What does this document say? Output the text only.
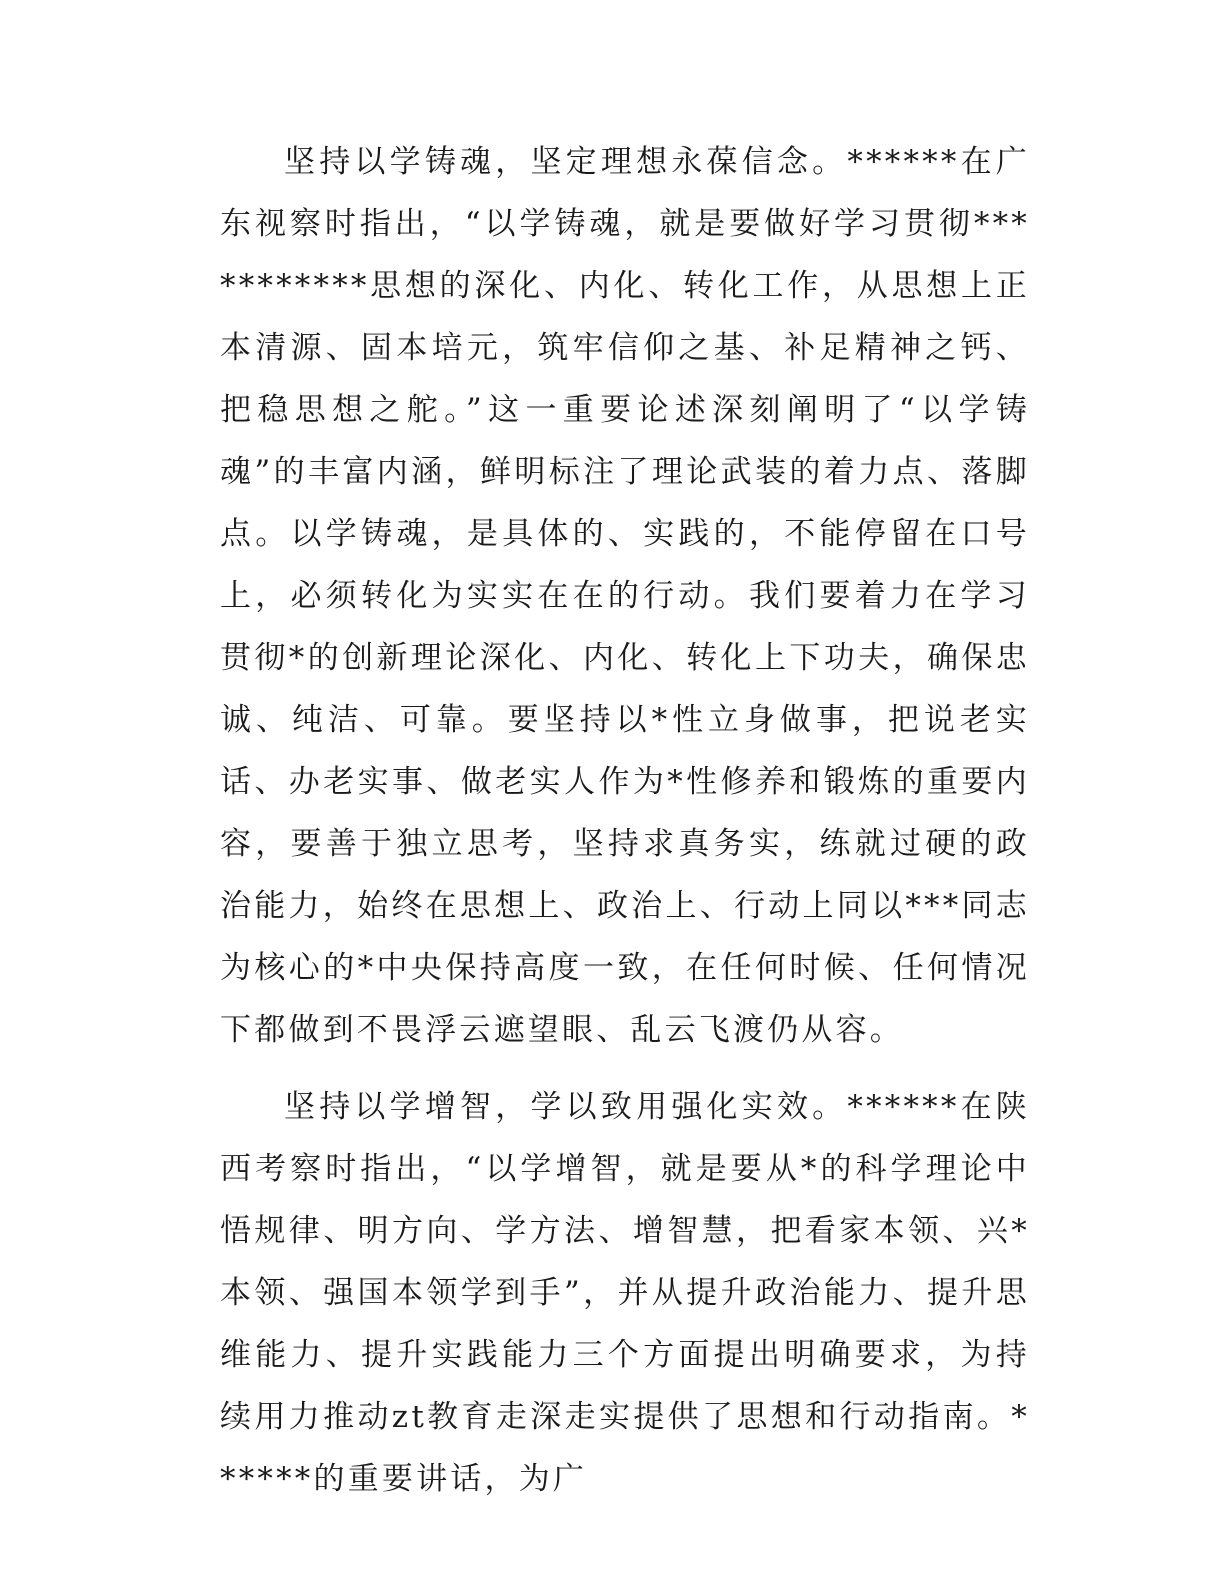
坚持以学铸魂，坚定理想永葆信念。******在广东视察时指出，“以学铸魂，就是要做好学习贯彻***********思想的深化、内化、转化工作，从思想上正本清源、固本培元，筑牢信仰之基、补足精神之钙、把稳思想之舵。”这一重要论述深刻阐明了“以学铸魂”的丰富内涵，鲜明标注了理论武装的着力点、落脚点。以学铸魂，是具体的、实践的，不能停留在口号上，必须转化为实实在在的行动。我们要着力在学习贯彻*的创新理论深化、内化、转化上下功夫，确保忠诚、纯洁、可靠。要坚持以*性立身做事，把说老实话、办老实事、做老实人作为*性修养和锻炼的重要内容，要善于独立思考，坚持求真务实，练就过硬的政治能力，始终在思想上、政治上、行动上同以***同志为核心的*中央保持高度一致，在任何时候、任何情况下都做到不畏浮云遮望眼、乱云飞渡仍从容。

坚持以学增智，学以致用强化实效。******在陕西考察时指出，“以学增智，就是要从*的科学理论中悟规律、明方向、学方法、增智慧，把看家本领、兴*本领、强国本领学到手”，并从提升政治能力、提升思维能力、提升实践能力三个方面提出明确要求，为持续用力推动zt教育走深走实提供了思想和行动指南。******的重要讲话，为广
